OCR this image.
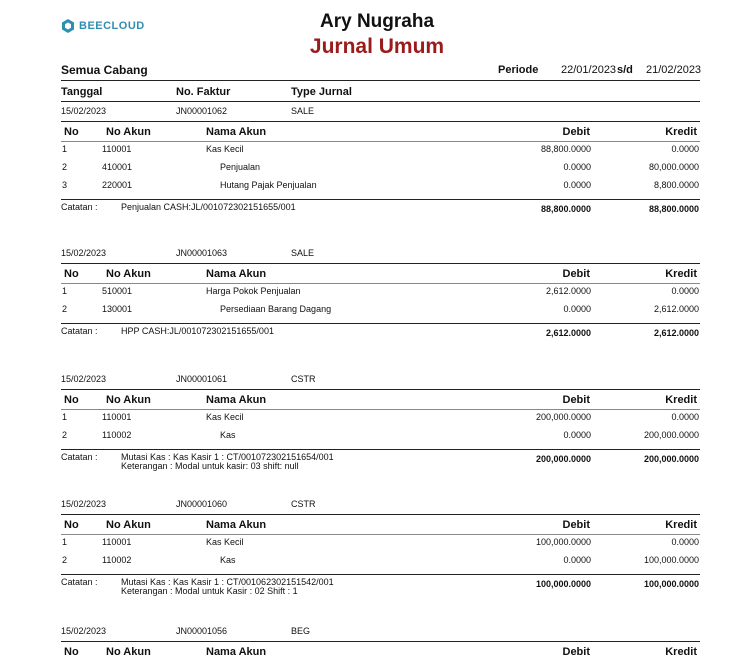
BEECLOUD	Ary Nugraha
Jurnal Umum
Semua Cabang	Periode 22/01/2023 s/d 21/02/2023
Tanggal	No. Faktur	Type Jurnal
15/02/2023	JN00001062	SALE
No No Akun	Nama Akun	Debit	Kredit
1	110001	Kas Kecil	88,800.0000	0.0000
2	410001	Penjualan	0.0000	80,000.0000
3	220001	Hutang Pajak Penjualan	0.0000	8,800.0000
Catatan :	Penjualan CASH:JL/001072302151655/001	88,800.0000	88,800.0000
15/02/2023	JN00001063	SALE
No No Akun	Nama Akun	Debit	Kredit
1	510001	Harga Pokok Penjualan	2,612.0000	0.0000
2	130001	Persediaan Barang Dagang	0.0000	2,612.0000
Catatan :	HPP CASH:JL/001072302151655/001	2,612.0000	2,612.0000
15/02/2023	JN00001061	CSTR
No No Akun	Nama Akun	Debit	Kredit
1	110001	Kas Kecil	200,000.0000	0.0000
2	110002	Kas	0.0000	200,000.0000
Catatan :	Mutasi Kas : Kas Kasir 1 : CT/001072302151654/001
Keterangan : Modal untuk kasir: 03 shift: null
200,000.0000	200,000.0000
15/02/2023	JN00001060	CSTR
No No Akun	Nama Akun	Debit	Kredit
1	110001	Kas Kecil	100,000.0000	0.0000
2	110002	Kas	0.0000	100,000.0000
Catatan :	Mutasi Kas : Kas Kasir 1 : CT/001062302151542/001
Keterangan : Modal untuk Kasir : 02 Shift : 1
100,000.0000	100,000.0000
15/02/2023	JN00001056	BEG
No No Akun	Nama Akun	Debit	Kredit
